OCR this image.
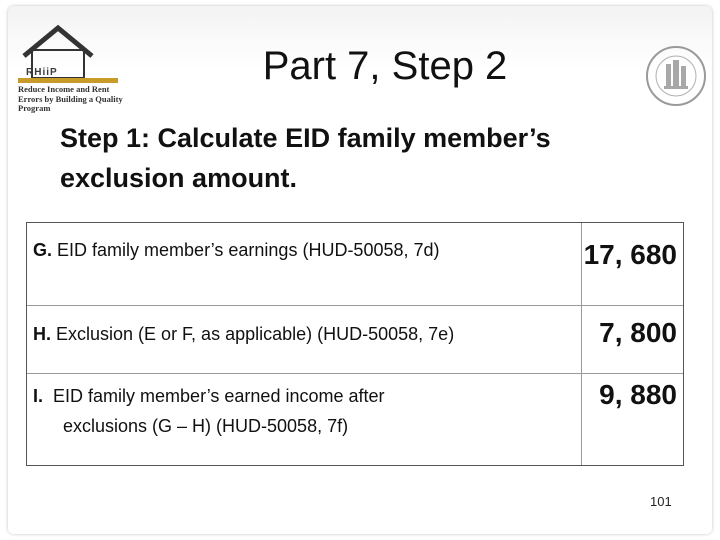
RHiiP
Reduce Income and Rent
Errors by Building a Quality
Program
Part 7, Step 2
Step 1: Calculate EID family member’s
exclusion amount.
G. EID family member’s earnings (HUD-50058, 7d)	17, 680
H. Exclusion (E or F, as applicable) (HUD-50058, 7e)	7, 800
I. EID family member’s earned income after
exclusions (G – H) (HUD-50058, 7f)
9, 880
101
